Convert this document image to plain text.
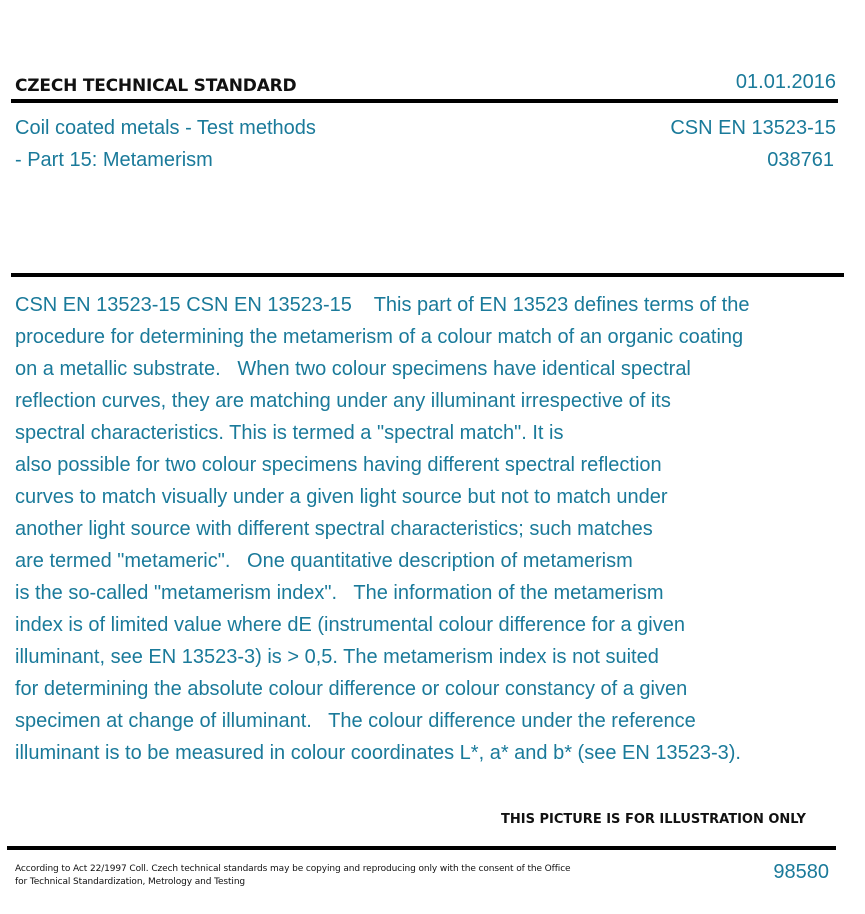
CZECH TECHNICAL STANDARD	01.01.2016
Coil coated metals - Test methods
- Part 15: Metamerism
CSN EN 13523-15
038761
CSN EN 13523-15 CSN EN 13523-15    This part of EN 13523 defines terms of the
procedure for determining the metamerism of a colour match of an organic coating
on a metallic substrate.   When two colour specimens have identical spectral
reflection curves, they are matching under any illuminant irrespective of its
spectral characteristics. This is termed a "spectral match". It is
also possible for two colour specimens having different spectral reflection
curves to match visually under a given light source but not to match under
another light source with different spectral characteristics; such matches
are termed "metameric".   One quantitative description of metamerism
is the so-called "metamerism index".   The information of the metamerism
index is of limited value where dE (instrumental colour difference for a given
illuminant, see EN 13523-3) is > 0,5. The metamerism index is not suited
for determining the absolute colour difference or colour constancy of a given
specimen at change of illuminant.   The colour difference under the reference
illuminant is to be measured in colour coordinates L*, a* and b* (see EN 13523-3).
THIS PICTURE IS FOR ILLUSTRATION ONLY
According to Act 22/1997 Coll. Czech technical standards may be copying and reproducing only with the consent of the Office
for Technical Standardization, Metrology and Testing	98580
